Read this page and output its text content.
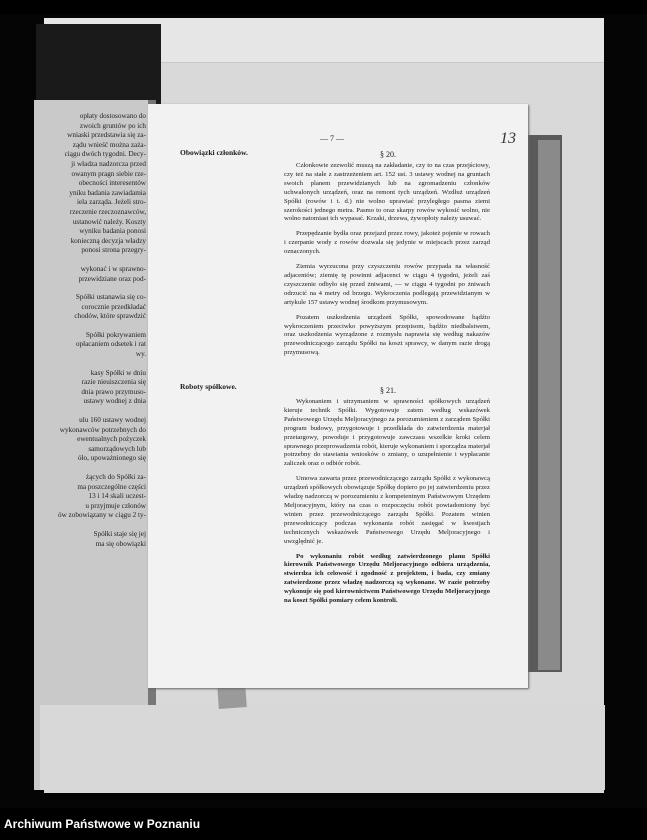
opłaty dostosowano do
zwoich gruntów po ich
wniaski przedstawia się za-
ządu wnieść można zaża-
ciągu dwóch tygodni. Decy-
ji władza nadzorcza przed
owanym pragn siebie rze-
obecności interesentów
yniku badania zawiadamia
iela zarząda. Jeżeli stro-
rzeczenie rzeczoznawców,
ustanowić należy. Koszty
wyniku badania ponosi
konieczną decyzja władzy
ponosi strona przegry-
wykonać i w sprawno-
przewidziane oraz pod-
Spółki ustanawia się co-
corocznie przedkładać
chodów, które sprawdzić
Spółki pokrywaniem
opłacaniem odsetek i rat
wy.
kasy Spółki w dniu
razie nieuiszczenia się
dnia prawo przymuso-
ustawy wodnej z dnia
ulu 160 ustawy wodnej
wykonawców potrzebnych do
ewentualnych pożyczek
samorządowych lub
óło, upoważnionego się
żących do Spółki za-
ma poszczególne części
13 i 14 skali uczest-
u przyjmuje członów
ów zobowiązany w ciągu 2 ty-
Spółki staje się jej
ma się obowiązki
— 7 —	13
Obowiązki członków.	§ 20.

Członkowie zezwolić muszą na zakładanie, czy to na czas przejściowy, czy też na stałe z zastrzeżeniem art. 152 ust. 3 ustawy wodnej na gruntach swoich planem przewidzianych lub na zgromadzeniu członków uchwalonych urządzeń, oraz na remont tych urządzeń. Wzdłuż urządzeń Spółki (rowów i t. d.) nie wolno uprawiać przyległego pasma ziemi szerokości jednego metra. Pasmo to oraz skarpy rowów wykosić wolno, nie wolno natomiast ich wypasać. Krzaki, drzewa, żywopłoty należy usuwać.

Przepędzanie bydła oraz przejazd przez rowy, jakoteż pojenie w rowach i czerpanie wody z rowów dozwala się jedynie w miejscach przez zarząd oznaczonych.

Ziemia wyrzucona przy czyszczeniu rowów przypada na własność adjacentów; ziemię tę powinni adjacenci w ciągu 4 tygodni, jeżeli zaś czyszczenie odbyło się przed żniwami, — w ciągu 4 tygodni po żniwach odrzucić na 4 metry od brzegu. Wykroczenia podlegają przewidzianym w artykule 157 ustawy wodnej środkom przymusowym.

Pozatem uszkodzenia urządzeń Spółki, spowodowane bądźto wykroczeniem przeciwko powyższym przepisom, bądźto niedbalstwem, oraz uszkodzenia wyrządzone z rozmysłu naprawia się według nakazów przewodniczącego zarządu Spółki na koszt sprawcy, w danym razie drogą przymusową.

Roboty spółkowe.	§ 21.

Wykonaniem i utrzymaniem w sprawności spółkowych urządzeń kieruje technik Spółki. Wygotowuje zatem według wskazówek Państwowego Urzędu Meljoracyjnego za porozumieniem z zarządem Spółki program budowy, przygotowuje i przedkłada do zatwierdzenia materjał przetargowy, powoduje i przygotowuje zawczasu wszelkie kroki celem sprawnego przeprowadzenia robót, kieruje wykonaniem i sporządza materjał potrzebny do stawiania wniosków o zmiany, o uzupełnienie i wypłacanie zaliczek oraz o odbiór robót.

Umowa zawarta przez przewodniczącego zarządu Spółki z wykonawcą urządzeń spółkowych obowiązuje Spółkę dopiero po jej zatwierdzeniu przez władzę nadzorczą w porozumieniu z kompetentnym Państwowym Urzędem Meljoracyjnym, który na czas o rozpoczęciu robót powiadomiony być winien przez przewodniczącego zarządu Spółki. Pozatem winien przewodniczący podczas wykonania robót zasięgać w kwestjach technicznych wskazówek Państwowego Urzędu Meljoracyjnego i uwzględnić je.

Po wykonaniu robót według zatwierdzonego planu Spółki kierownik Państwowego Urzędu Meljoracyjnego odbiera urządzenia, stwierdza ich celowość i zgodność z projektem, i bada, czy zmiany zatwierdzone przez władzę nadzorczą są wykonane. W razie potrzeby wykonuje się pod kierownictwem Państwowego Urzędu Meljoracyjnego na koszt Spółki pomiary celem kontroli.

Archiwum Państwowe w Poznaniu
